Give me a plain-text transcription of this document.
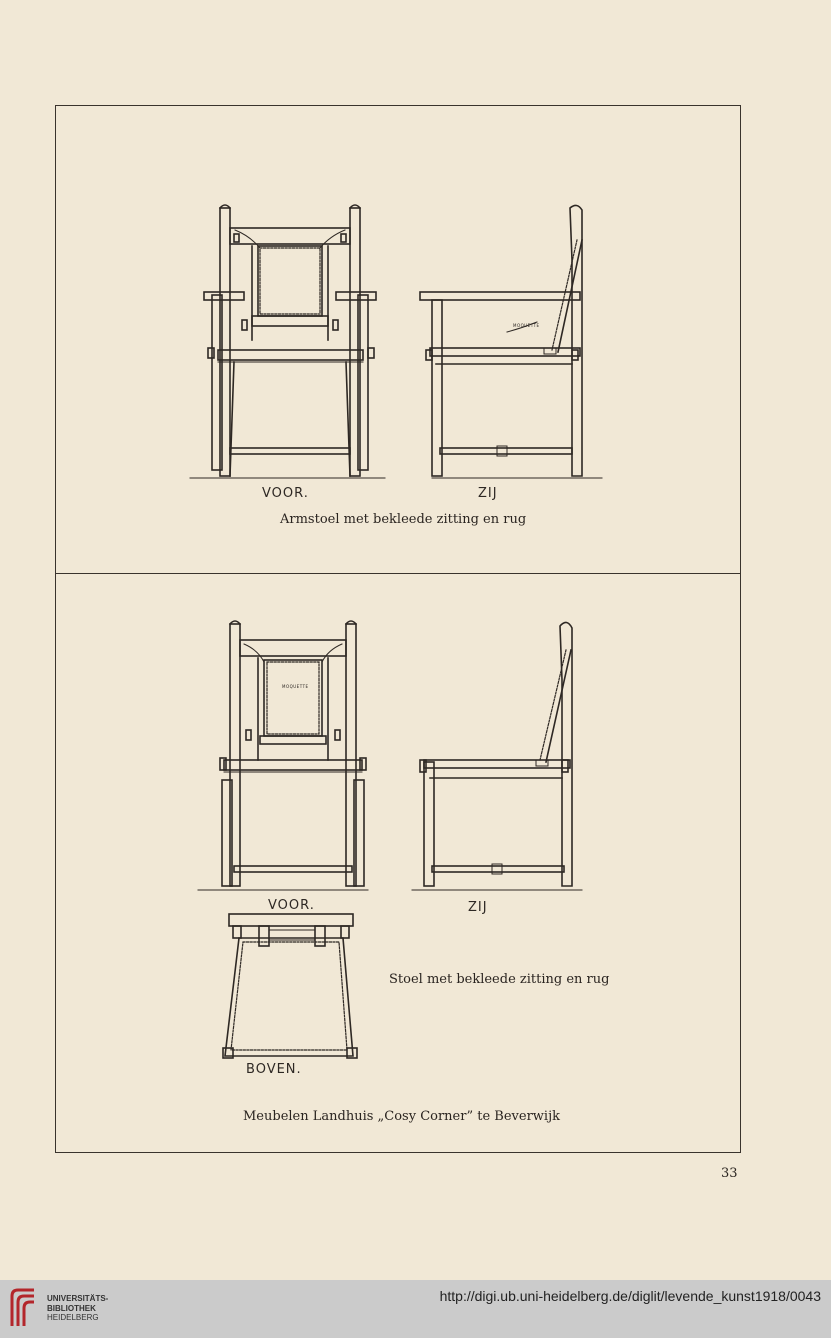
VOOR.
MOQUETTE
ZIJ
Armstoel met bekleede zitting en rug
MOQUETTE
VOOR.	ZIJ
BOVEN.
Stoel met bekleede zitting en rug
Meubelen Landhuis „Cosy Corner” te Beverwijk
33
UNIVERSITÄTS-
BIBLIOTHEK
HEIDELBERG
http://digi.ub.uni-heidelberg.de/diglit/levende_kunst1918/0043
